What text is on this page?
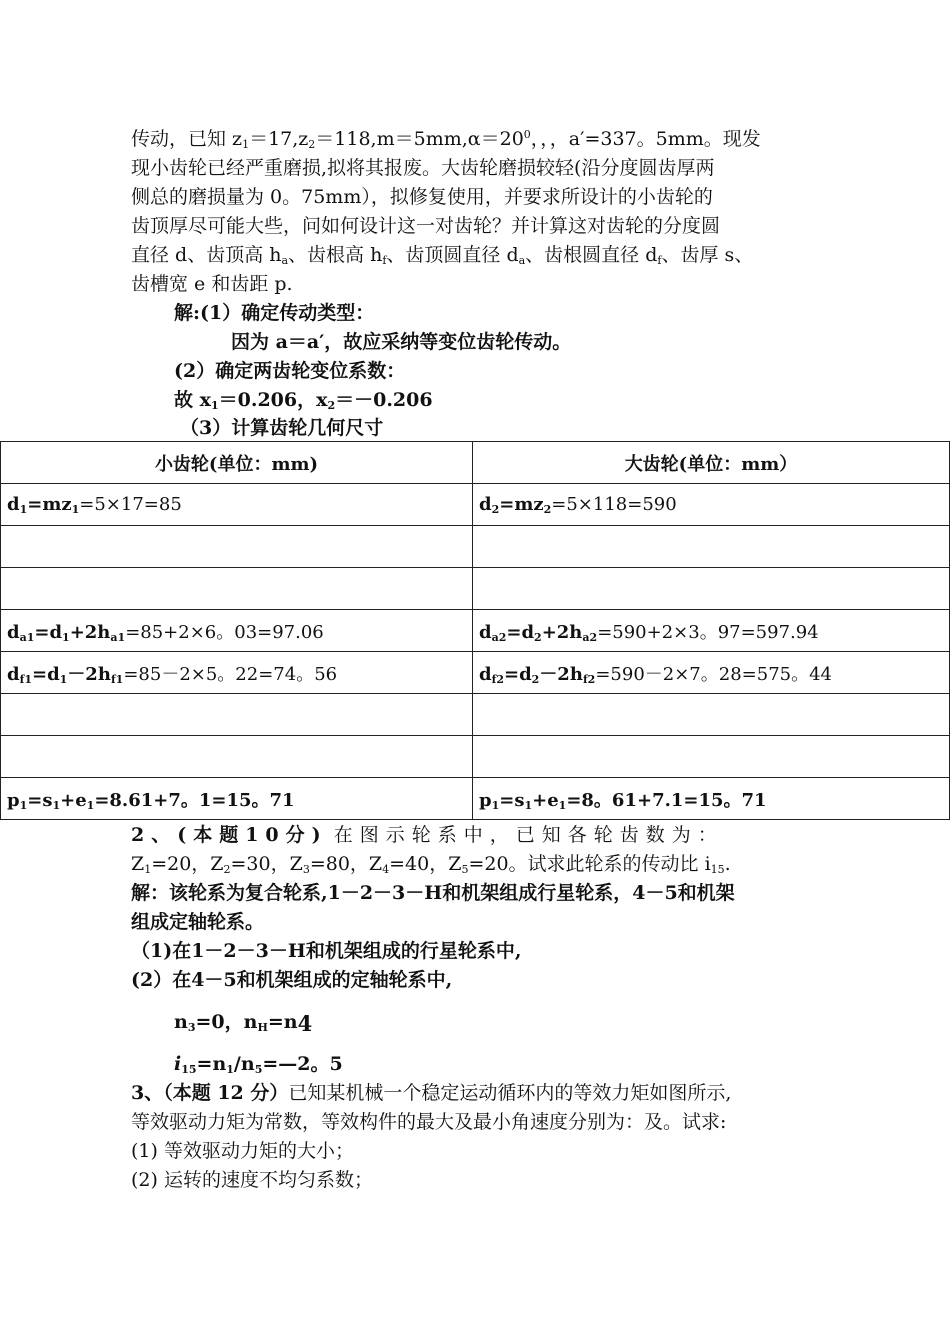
传动，已知 $z_1=17,z_2=118,m=5mm,\alpha=20^0$，，，a′=337。5mm。现发
现小齿轮已经严重磨损,拟将其报废。大齿轮磨损较轻(沿分度圆齿厚两
侧总的磨损量为 0。75mm），拟修复使用，并要求所设计的小齿轮的
齿顶厚尽可能大些，问如何设计这一对齿轮？并计算这对齿轮的分度圆
直径 d、齿顶高 $h_a$、齿根高 $h_f$、齿顶圆直径 $d_a$、齿根圆直径 $d_f$、齿厚 s、
齿槽宽 e 和齿距 p.
解:(1）确定传动类型：
因为 a＝a′，故应采纳等变位齿轮传动。
(2）确定两齿轮变位系数：
故 $x_1=0.206$，$x_2=-0.206$
（3）计算齿轮几何尺寸
小齿轮(单位：mm)	大齿轮(单位：mm）
$d_1=mz_1=5\times 17=85$	$d_2=mz_2=5\times 118=590$

$d_{a1}=d_1+2h_{a1}=85+2\times 6$。03=97.06	$d_{a2}=d_2+2h_{a2}=590+2\times 3$。97=597.94
$d_{f1}=d_1-2h_{f1}=85-2\times 5$。22=74。56	$d_{f2}=d_2-2h_{f2}=590-2\times 7$。28=575。44

$p_1=s_1+e_1=8.61+7$。1=15。71	$p_1=s_1+e_1=8$。61+7.1=15。71
2、(本题10分) 在图示轮系中，已知各轮齿数为：
$Z_1=20$，$Z_2=30$，$Z_3=80$，$Z_4=40$，$Z_5=20$。试求此轮系的传动比 $i_{15}$.
解：该轮系为复合轮系,1－2－3－H和机架组成行星轮系，4－5和机架
组成定轴轮系。
（1)在1－2－3－H和机架组成的行星轮系中,
(2）在4－5和机架组成的定轴轮系中,
$n_3=0$，$n_H=n4$
$i_{15}=n_1/n_5=—2$。5
3、（本题 12 分）已知某机械一个稳定运动循环内的等效力矩如图所示,
等效驱动力矩为常数，等效构件的最大及最小角速度分别为：及。试求:
(1) 等效驱动力矩的大小；
(2) 运转的速度不均匀系数；
